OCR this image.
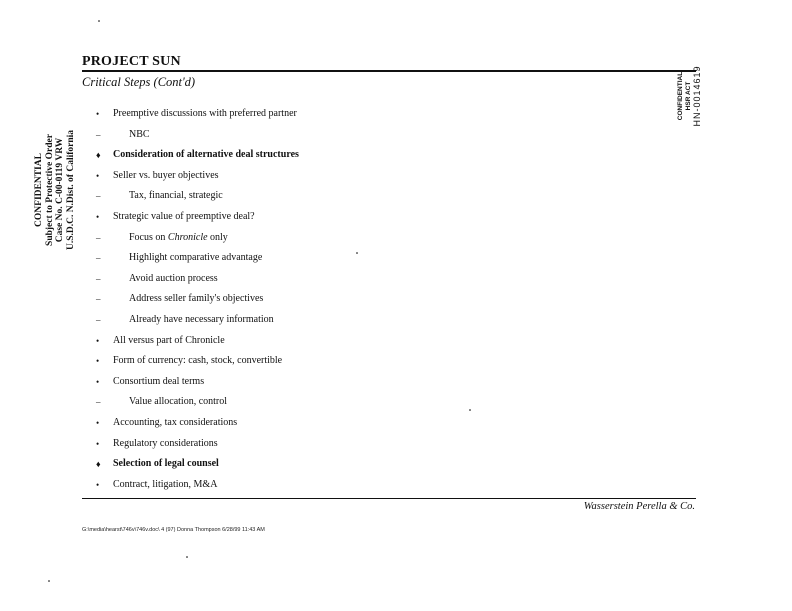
PROJECT SUN
Critical Steps (Cont'd)
CONFIDENTIAL Subject to Protective Order Case No. C-00-0119 VRW U.S.D.C. N.Dist. of California
CONFIDENTIAL HSR ACT HN-0014619
•	Preemptive discussions with preferred partner
–	NBC
♦	Consideration of alternative deal structures
•	Seller vs. buyer objectives
–	Tax, financial, strategic
•	Strategic value of preemptive deal?
–	Focus on Chronicle only
–	Highlight comparative advantage
–	Avoid auction process
–	Address seller family's objectives
–	Already have necessary information
•	All versus part of Chronicle
•	Form of currency: cash, stock, convertible
•	Consortium deal terms
–	Value allocation, control
•	Accounting, tax considerations
•	Regulatory considerations
♦	Selection of legal counsel
•	Contract, litigation, M&A
Wasserstein Perella & Co.
G:\media\hearst\746v\746v.doc\ 4 (97) Donna Thompson 6/28/99 11:43 AM
